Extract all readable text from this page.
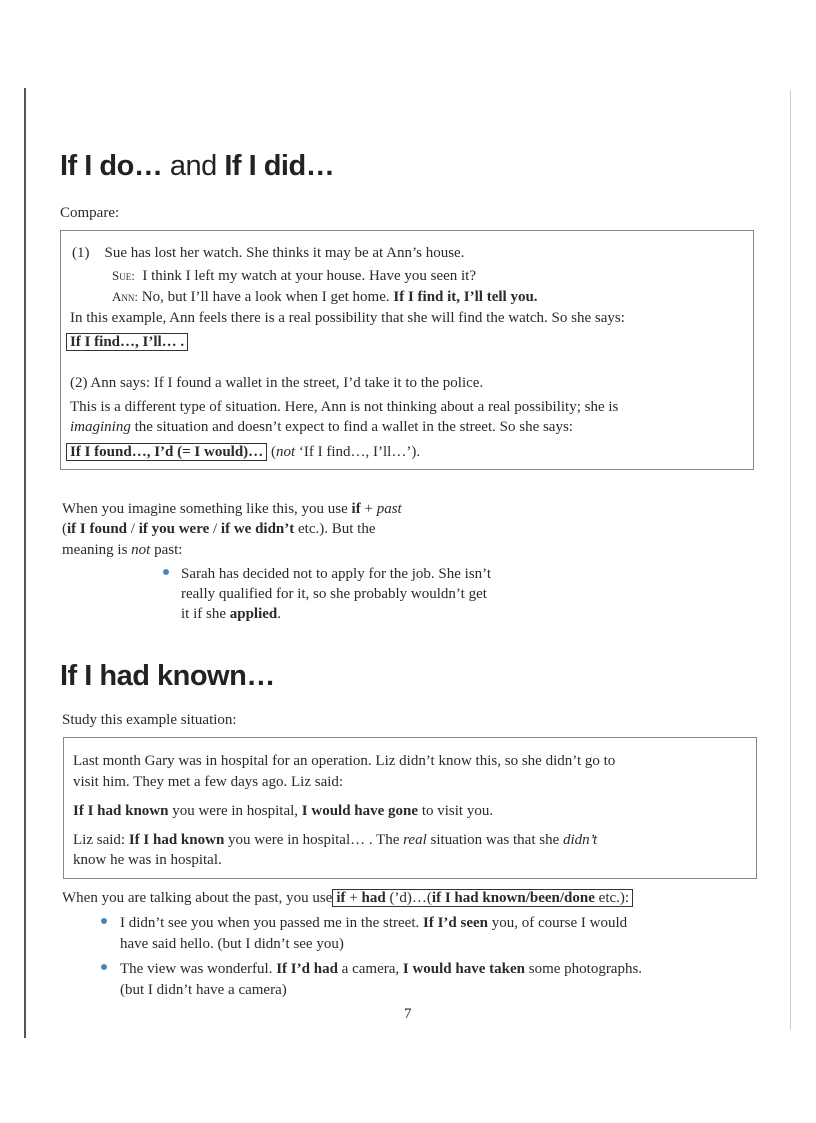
If I do… and If I did…

Compare:

(1) Sue has lost her watch. She thinks it may be at Ann’s house.

Sue: I think I left my watch at your house. Have you seen it?

Ann: No, but I’ll have a look when I get home. If I find it, I’ll tell you.

In this example, Ann feels there is a real possibility that she will find the watch. So she says:

If I find…, I’ll… .

(2) Ann says: If I found a wallet in the street, I’d take it to the police.

This is a different type of situation. Here, Ann is not thinking about a real possibility; she is

imagining the situation and doesn’t expect to find a wallet in the street. So she says:

If I found…, I’d (= I would)… (not ‘If I find…, I’ll…’).

When you imagine something like this, you use if + past

(if I found / if you were / if we didn’t etc.). But the

meaning is not past:

Sarah has decided not to apply for the job. She isn’t

really qualified for it, so she probably wouldn’t get

it if she applied.

If I had known…

Study this example situation:

Last month Gary was in hospital for an operation. Liz didn’t know this, so she didn’t go to

visit him. They met a few days ago. Liz said:

If I had known you were in hospital, I would have gone to visit you.

Liz said: If I had known you were in hospital… . The real situation was that she didn’t

know he was in hospital.

When you are talking about the past, you use if + had (’d)…(if I had known/been/done etc.):

I didn’t see you when you passed me in the street. If I’d seen you, of course I would

have said hello. (but I didn’t see you)

The view was wonderful. If I’d had a camera, I would have taken some photographs.

(but I didn’t have a camera)

7
